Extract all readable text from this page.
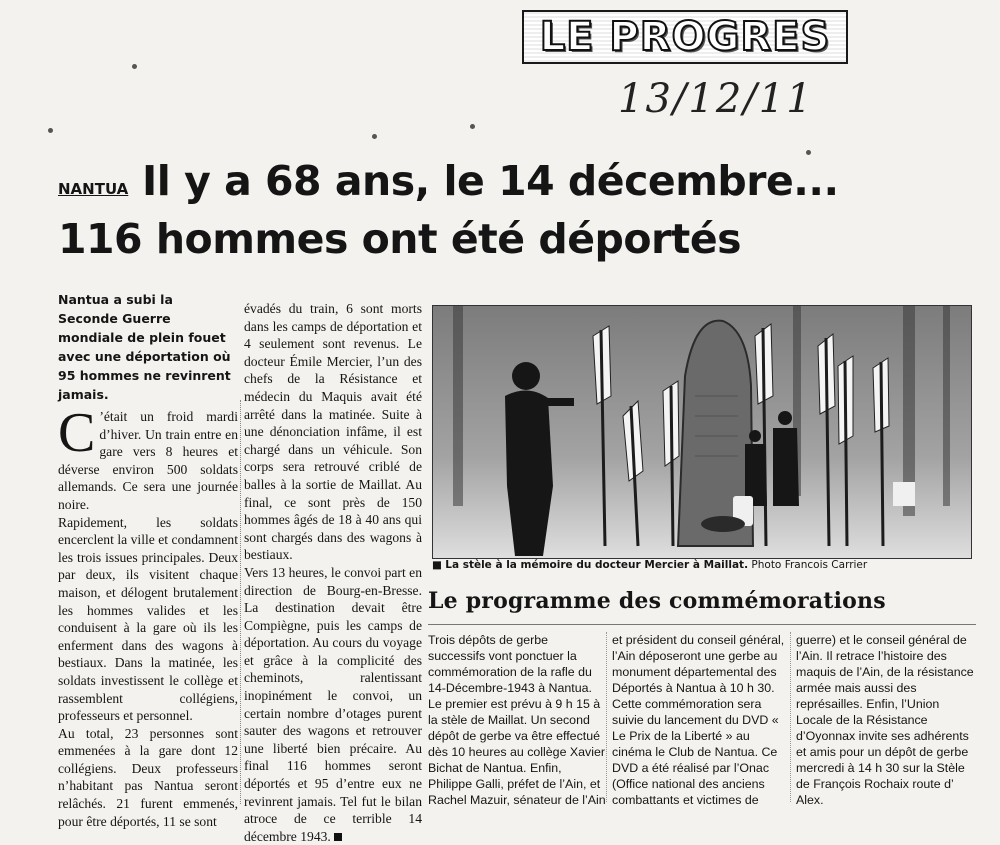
LE PROGRES
13/12/11
NANTUA Il y a 68 ans, le 14 décembre...
116 hommes ont été déportés
Nantua a subi la Seconde Guerre mondiale de plein fouet avec une déportation où 95 hommes ne revinrent jamais.
C ’était un froid mardi d’hiver. Un train entre en gare vers 8 heures et déverse environ 500 soldats allemands. Ce sera une journée noire.

Rapidement, les soldats encerclent la ville et condamnent les trois issues principales. Deux par deux, ils visitent chaque maison, et délogent brutalement les hommes valides et les conduisent à la gare où ils les enferment dans des wagons à bestiaux. Dans la matinée, les soldats investissent le collège et rassemblent collégiens, professeurs et personnel.

Au total, 23 personnes sont emmenées à la gare dont 12 collégiens. Deux professeurs n’habitant pas Nantua seront relâchés. 21 furent emmenés, pour être déportés, 11 se sont

évadés du train, 6 sont morts dans les camps de déportation et 4 seulement sont revenus. Le docteur Émile Mercier, l’un des chefs de la Résistance et médecin du Maquis avait été arrêté dans la matinée. Suite à une dénonciation infâme, il est chargé dans un véhicule. Son corps sera retrouvé criblé de balles à la sortie de Maillat. Au final, ce sont près de 150 hommes âgés de 18 à 40 ans qui sont chargés dans des wagons à bestiaux.

Vers 13 heures, le convoi part en direction de Bourg-en-Bresse. La destination devait être Compiègne, puis les camps de déportation. Au cours du voyage et grâce à la complicité des cheminots, ralentissant inopinément le convoi, un certain nombre d’otages purent sauter des wagons et retrouver une liberté bien précaire. Au final 116 hommes seront déportés et 95 d’entre eux ne revinrent jamais. Tel fut le bilan atroce de ce terrible 14 décembre 1943.

■ La stèle à la mémoire du docteur Mercier à Maillat. Photo Francois Carrier
Le programme des commémorations

Trois dépôts de gerbe successifs vont ponctuer la commémoration de la rafle du 14-Décembre-1943 à Nantua. Le premier est prévu à 9 h 15 à la stèle de Maillat. Un second dépôt de gerbe va être effectué dès 10 heures au collège Xavier Bichat de Nantua. Enfin, Philippe Galli, préfet de l’Ain, et Rachel Mazuir, sénateur de l’Ain

et président du conseil général, l’Ain déposeront une gerbe au monument départemental des Déportés à Nantua à 10 h 30. Cette commémoration sera suivie du lancement du DVD « Le Prix de la Liberté » au cinéma le Club de Nantua. Ce DVD a été réalisé par l’Onac (Office national des anciens combattants et victimes de

guerre) et le conseil général de l’Ain. Il retrace l’histoire des maquis de l’Ain, de la résistance armée mais aussi des représailles. Enfin, l’Union Locale de la Résistance d’Oyonnax invite ses adhérents et amis pour un dépôt de gerbe mercredi à 14 h 30 sur la Stèle de François Rochaix route d’ Alex.
